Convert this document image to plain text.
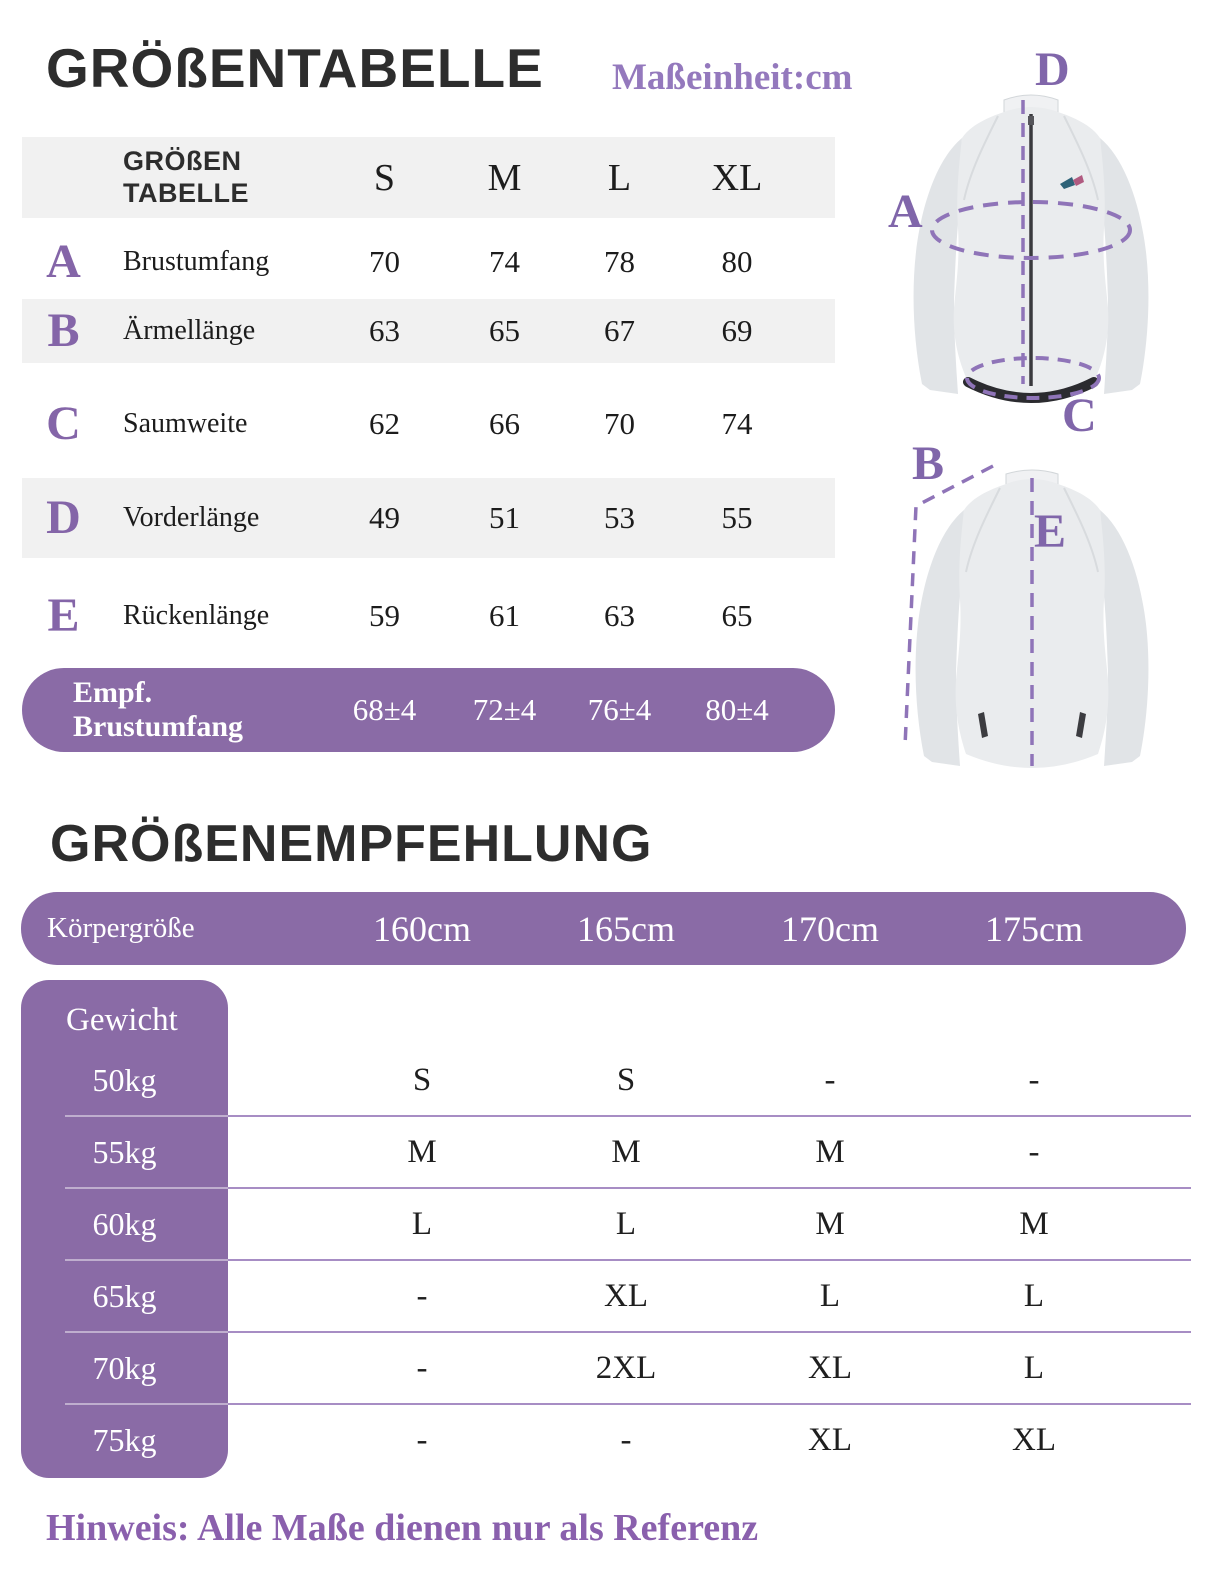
GRÖßENTABELLE Maßeinheit:cm
GRÖßEN
TABELLE	S	M	L	XL
A	Brustumfang	70	74	78	80
B	Ärmellänge	63	65	67	69
C	Saumweite	62	66	70	74
D	Vorderlänge	49	51	53	55
E	Rückenlänge	59	61	63	65
Empf. Brustumfang	68±4	72±4	76±4	80±4
D
A
C
B
E
GRÖßENEMPFEHLUNG
Körpergröße	160cm	165cm	170cm	175cm
Gewicht
50kg	S	S	-	-
55kg	M	M	M	-
60kg	L	L	M	M
65kg	-	XL	L	L
70kg	-	2XL	XL	L
75kg	-	-	XL	XL
Hinweis: Alle Maße dienen nur als Referenz
